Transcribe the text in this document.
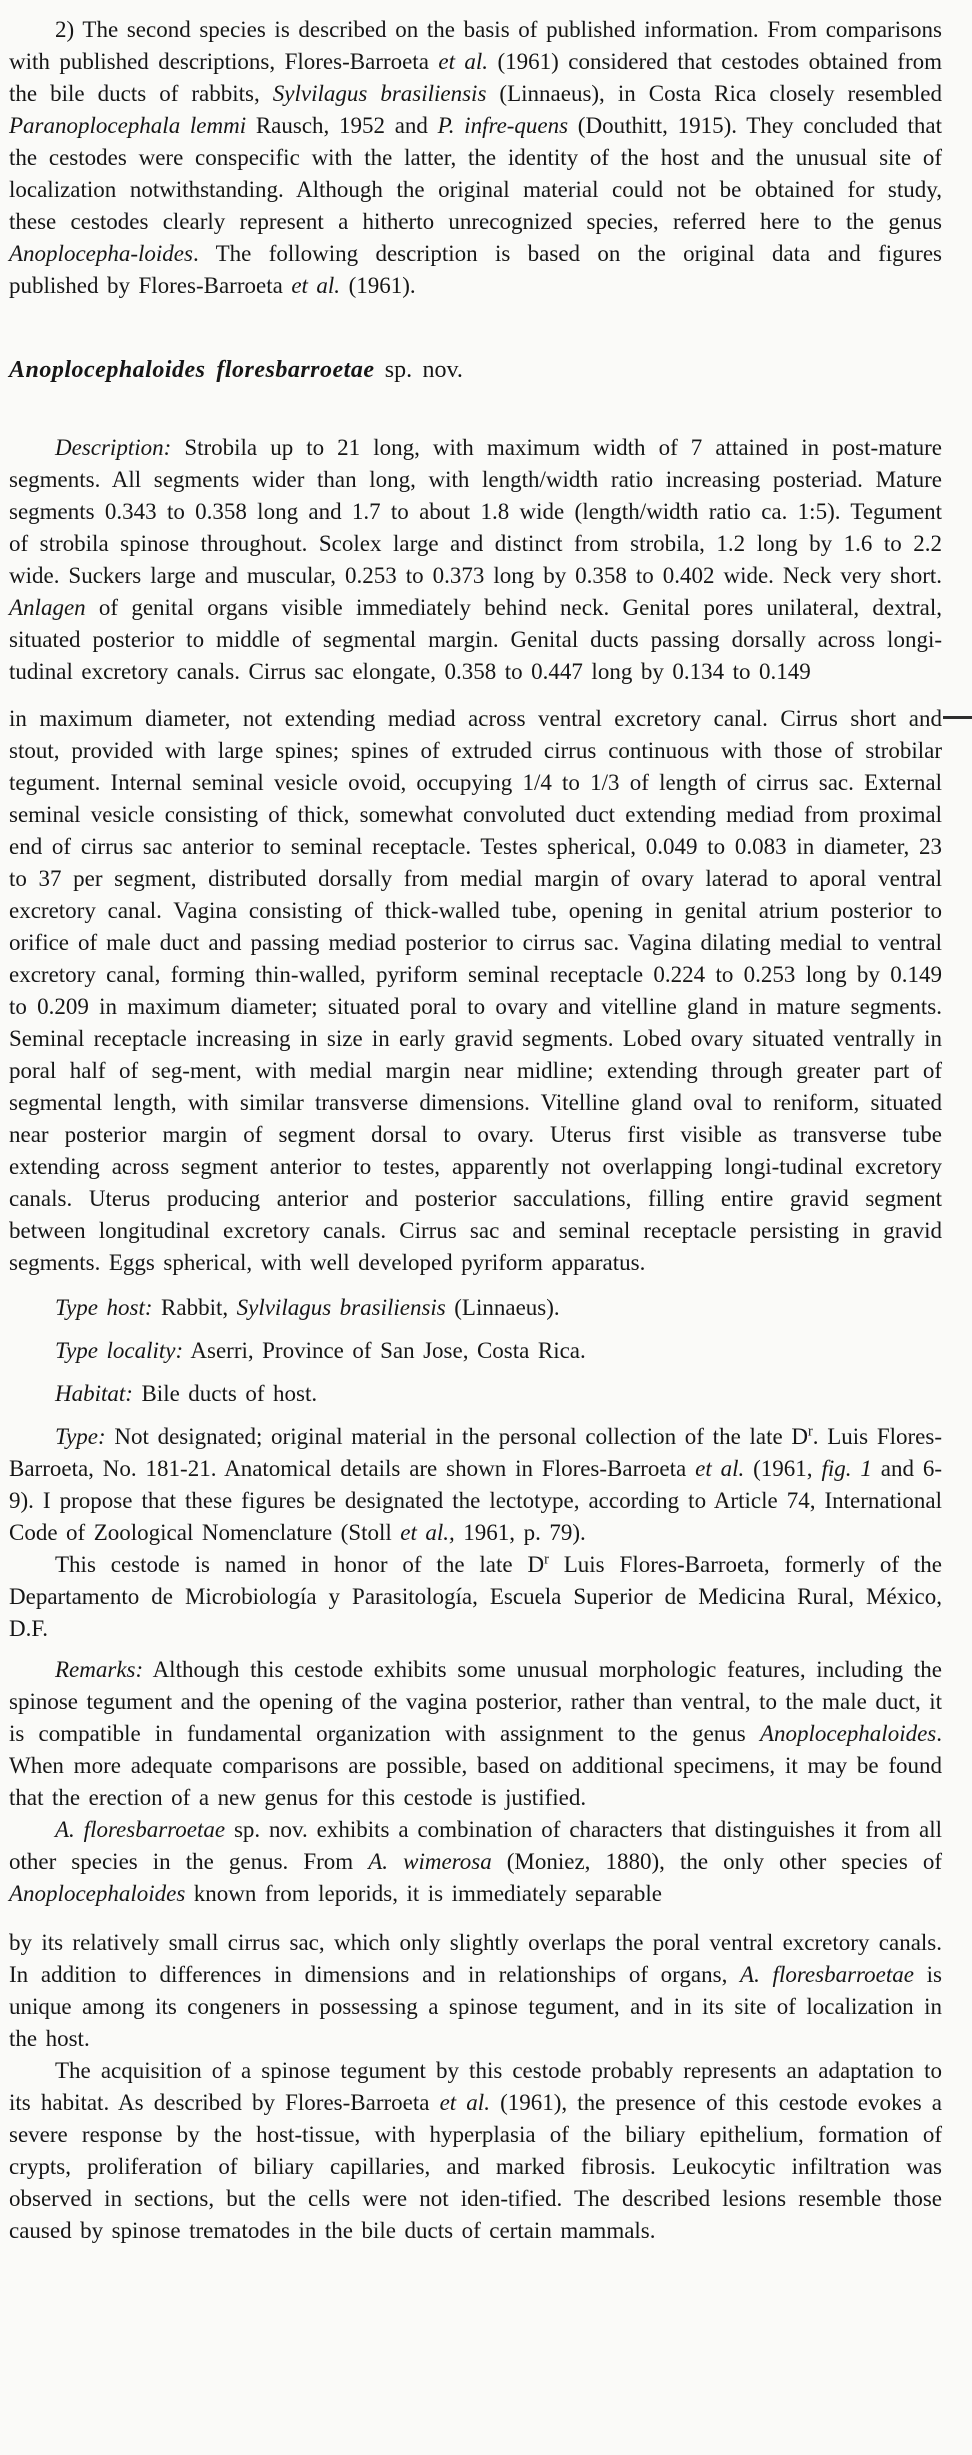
2) The second species is described on the basis of published information. From comparisons with published descriptions, Flores-Barroeta et al. (1961) considered that cestodes obtained from the bile ducts of rabbits, Sylvilagus brasiliensis (Linnaeus), in Costa Rica closely resembled Paranoplocephala lemmi Rausch, 1952 and P. infre-quens (Douthitt, 1915). They concluded that the cestodes were conspecific with the latter, the identity of the host and the unusual site of localization notwithstanding. Although the original material could not be obtained for study, these cestodes clearly represent a hitherto unrecognized species, referred here to the genus Anoplocepha-loides. The following description is based on the original data and figures published by Flores-Barroeta et al. (1961).

Anoplocephaloides floresbarroetae sp. nov.

Description: Strobila up to 21 long, with maximum width of 7 attained in post-mature segments. All segments wider than long, with length/width ratio increasing posteriad. Mature segments 0.343 to 0.358 long and 1.7 to about 1.8 wide (length/width ratio ca. 1:5). Tegument of strobila spinose throughout. Scolex large and distinct from strobila, 1.2 long by 1.6 to 2.2 wide. Suckers large and muscular, 0.253 to 0.373 long by 0.358 to 0.402 wide. Neck very short. Anlagen of genital organs visible immediately behind neck. Genital pores unilateral, dextral, situated posterior to middle of segmental margin. Genital ducts passing dorsally across longi-tudinal excretory canals. Cirrus sac elongate, 0.358 to 0.447 long by 0.134 to 0.149

in maximum diameter, not extending mediad across ventral excretory canal. Cirrus short and stout, provided with large spines; spines of extruded cirrus continuous with those of strobilar tegument. Internal seminal vesicle ovoid, occupying 1/4 to 1/3 of length of cirrus sac. External seminal vesicle consisting of thick, somewhat convoluted duct extending mediad from proximal end of cirrus sac anterior to seminal receptacle. Testes spherical, 0.049 to 0.083 in diameter, 23 to 37 per segment, distributed dorsally from medial margin of ovary laterad to aporal ventral excretory canal. Vagina consisting of thick-walled tube, opening in genital atrium posterior to orifice of male duct and passing mediad posterior to cirrus sac. Vagina dilating medial to ventral excretory canal, forming thin-walled, pyriform seminal receptacle 0.224 to 0.253 long by 0.149 to 0.209 in maximum diameter; situated poral to ovary and vitelline gland in mature segments. Seminal receptacle increasing in size in early gravid segments. Lobed ovary situated ventrally in poral half of seg-ment, with medial margin near midline; extending through greater part of segmental length, with similar transverse dimensions. Vitelline gland oval to reniform, situated near posterior margin of segment dorsal to ovary. Uterus first visible as transverse tube extending across segment anterior to testes, apparently not overlapping longi-tudinal excretory canals. Uterus producing anterior and posterior sacculations, filling entire gravid segment between longitudinal excretory canals. Cirrus sac and seminal receptacle persisting in gravid segments. Eggs spherical, with well developed pyriform apparatus.

Type host: Rabbit, Sylvilagus brasiliensis (Linnaeus).

Type locality: Aserri, Province of San Jose, Costa Rica.

Habitat: Bile ducts of host.

Type: Not designated; original material in the personal collection of the late $D^r$. Luis Flores-Barroeta, No. 181-21. Anatomical details are shown in Flores-Barroeta et al. (1961, fig. 1 and 6-9). I propose that these figures be designated the lectotype, according to Article 74, International Code of Zoological Nomenclature (Stoll et al., 1961, p. 79).

This cestode is named in honor of the late $D^r$ Luis Flores-Barroeta, formerly of the Departamento de Microbiología y Parasitología, Escuela Superior de Medicina Rural, México, D.F.

Remarks: Although this cestode exhibits some unusual morphologic features, including the spinose tegument and the opening of the vagina posterior, rather than ventral, to the male duct, it is compatible in fundamental organization with assignment to the genus Anoplocephaloides. When more adequate comparisons are possible, based on additional specimens, it may be found that the erection of a new genus for this cestode is justified.

A. floresbarroetae sp. nov. exhibits a combination of characters that distinguishes it from all other species in the genus. From A. wimerosa (Moniez, 1880), the only other species of Anoplocephaloides known from leporids, it is immediately separable

by its relatively small cirrus sac, which only slightly overlaps the poral ventral excretory canals. In addition to differences in dimensions and in relationships of organs, A. floresbarroetae is unique among its congeners in possessing a spinose tegument, and in its site of localization in the host.

The acquisition of a spinose tegument by this cestode probably represents an adaptation to its habitat. As described by Flores-Barroeta et al. (1961), the presence of this cestode evokes a severe response by the host-tissue, with hyperplasia of the biliary epithelium, formation of crypts, proliferation of biliary capillaries, and marked fibrosis. Leukocytic infiltration was observed in sections, but the cells were not iden-tified. The described lesions resemble those caused by spinose trematodes in the bile ducts of certain mammals.
